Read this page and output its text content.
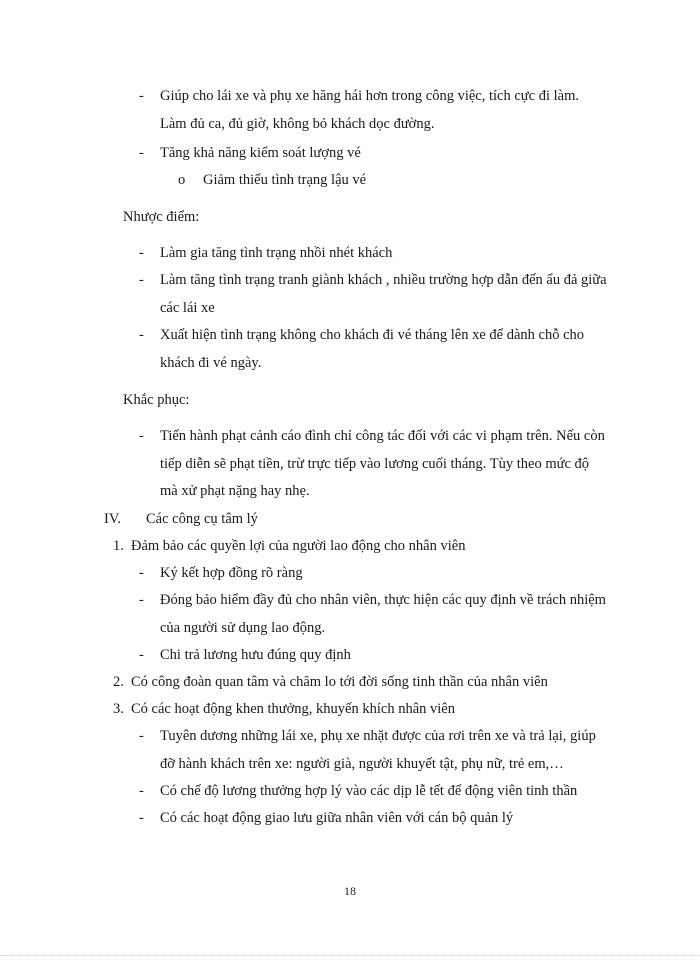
-	Giúp cho lái xe và phụ xe hăng hái hơn trong công việc, tích cực đi làm.
Làm đủ ca, đủ giờ, không bỏ khách dọc đường.
-	Tăng khả năng kiểm soát lượng vé
o Giảm thiểu tình trạng lậu vé
Nhược điểm:
-	Làm gia tăng tình trạng nhồi nhét khách
-	Làm tăng tình trạng tranh giành khách , nhiều trường hợp dẫn đến ẩu đả giữa
các lái xe
-	Xuất hiện tình trạng không cho khách đi vé tháng lên xe để dành chỗ cho
khách đi vé ngày.
Khắc phục:
-	Tiến hành phạt cảnh cáo đình chỉ công tác đối với các vi phạm trên. Nếu còn
tiếp diễn sẽ phạt tiền, trừ trực tiếp vào lương cuối tháng. Tùy theo mức độ
mà xử phạt nặng hay nhẹ.
IV. Các công cụ tâm lý
1. Đảm bảo các quyền lợi của người lao động cho nhân viên
-	Ký kết hợp đồng rõ ràng
-	Đóng bảo hiểm đầy đủ cho nhân viên, thực hiện các quy định về trách nhiệm
của người sử dụng lao động.
-	Chi trả lương hưu đúng quy định
2. Có công đoàn quan tâm và chăm lo tới đời sống tinh thần của nhân viên
3. Có các hoạt động khen thưởng, khuyến khích nhân viên
-	Tuyên dương những lái xe, phụ xe nhặt được của rơi trên xe và trả lại, giúp
đỡ hành khách trên xe: người già, người khuyết tật, phụ nữ, trẻ em,…
-	Có chế độ lương thưởng hợp lý vào các dịp lễ tết để động viên tinh thần
-	Có các hoạt động giao lưu giữa nhân viên với cán bộ quản lý
18
